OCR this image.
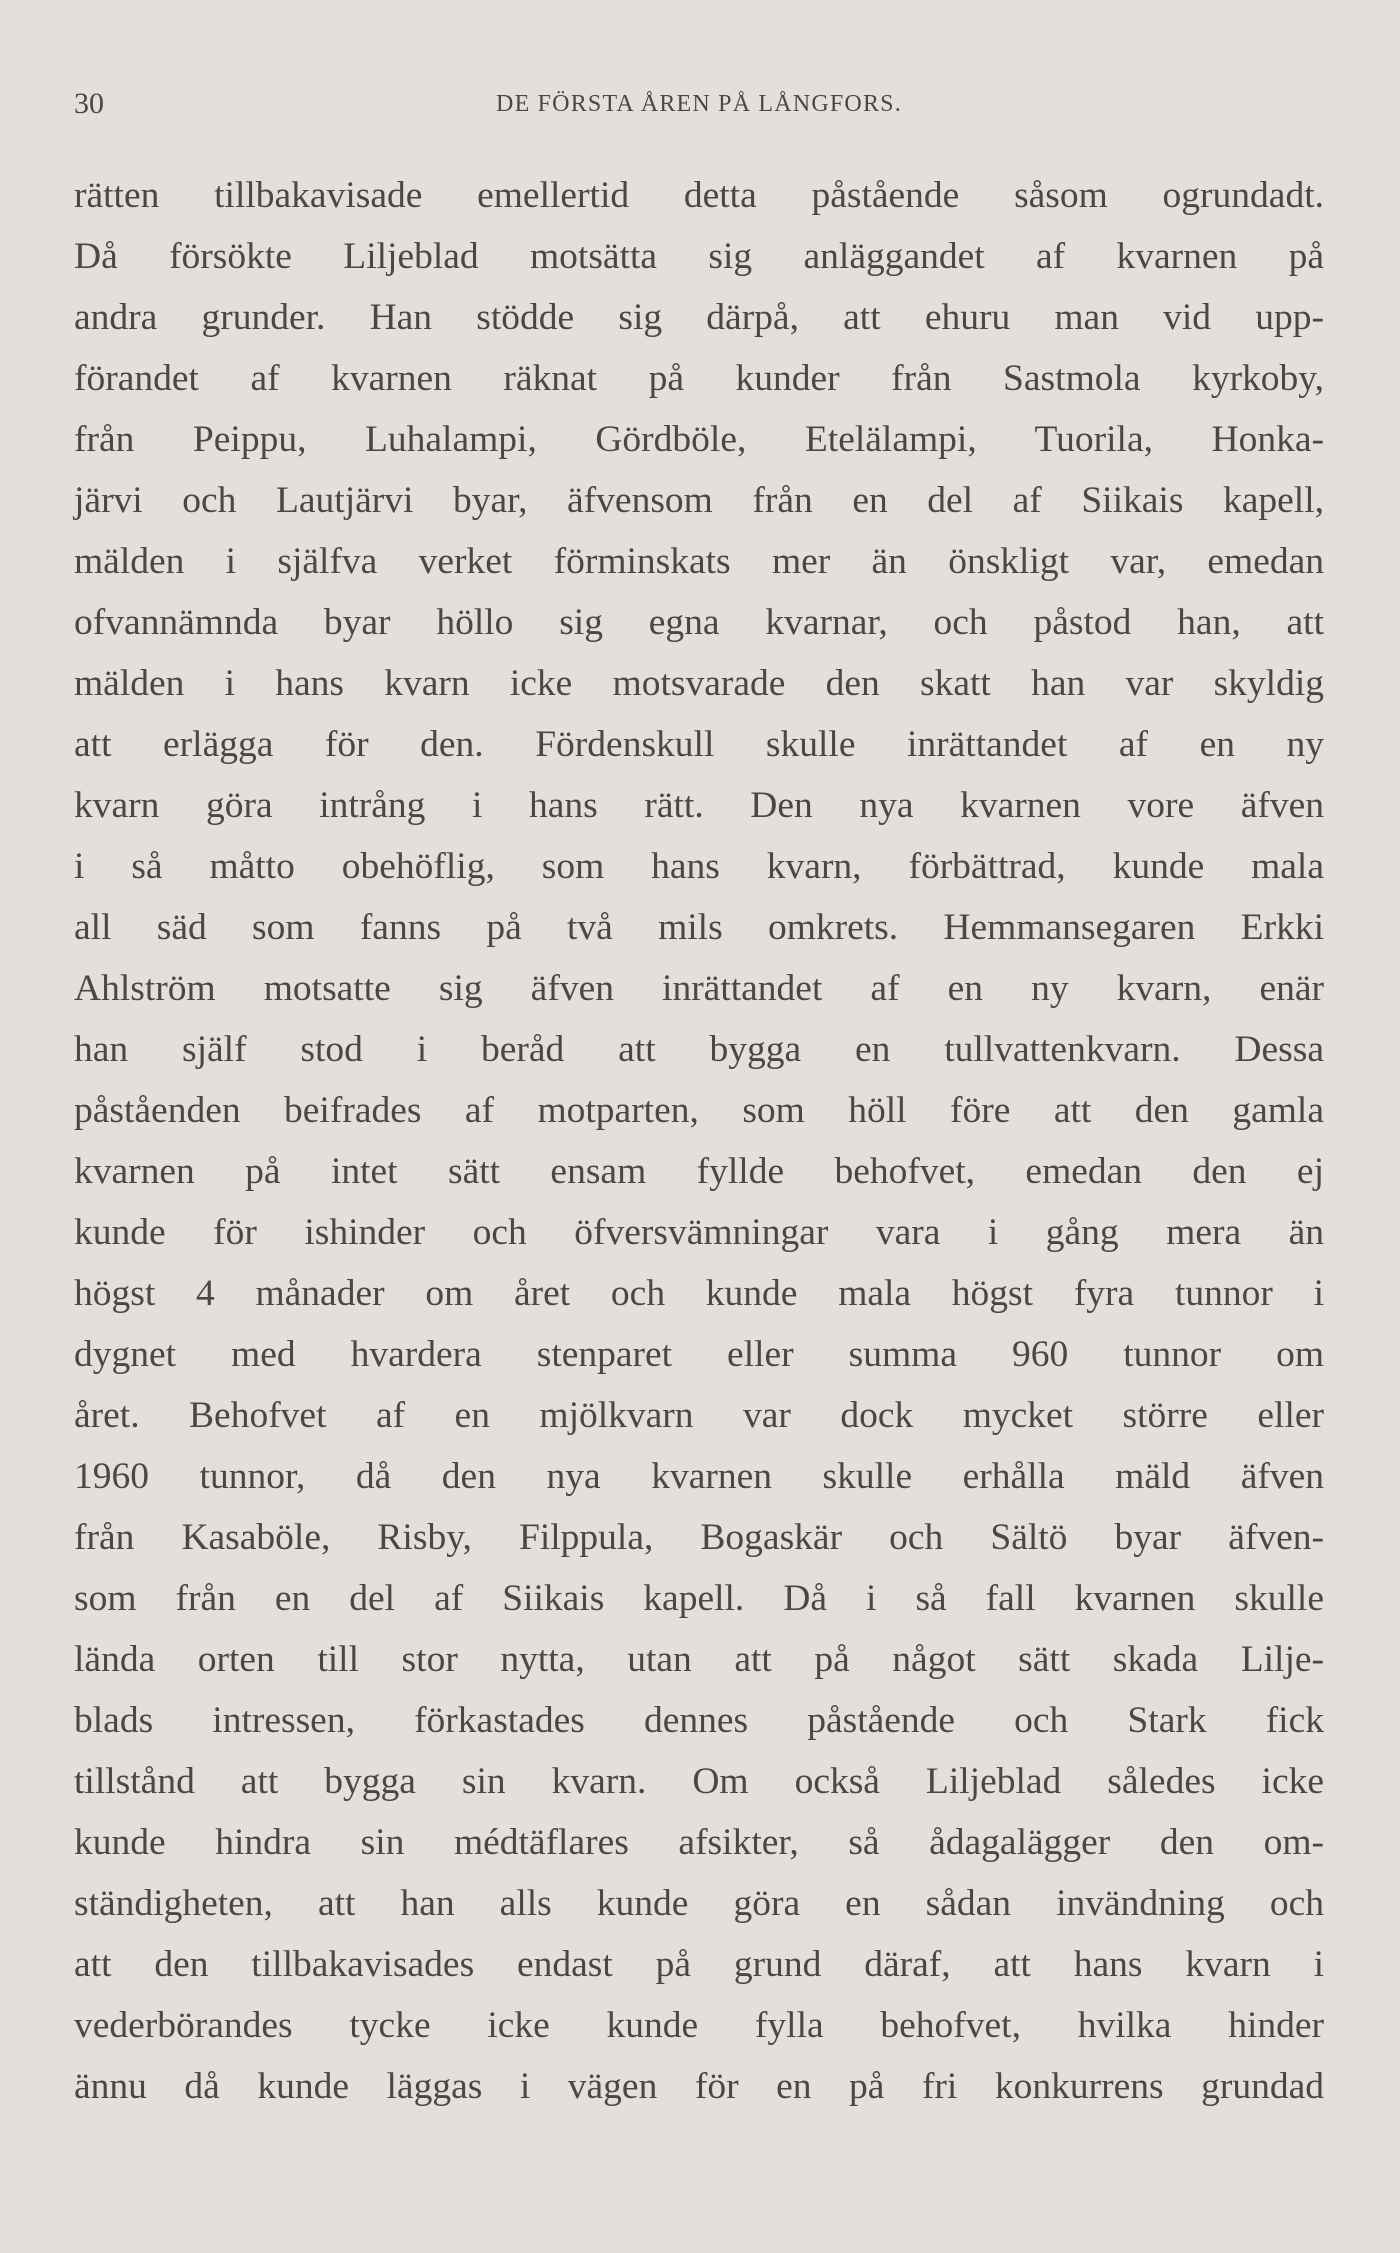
30	DE FÖRSTA ÅREN PÅ LÅNGFORS.
rätten tillbakavisade emellertid detta påstående såsom ogrundadt.
Då försökte Liljeblad motsätta sig anläggandet af kvarnen på
andra grunder. Han stödde sig därpå, att ehuru man vid upp-
förandet af kvarnen räknat på kunder från Sastmola kyrkoby,
från Peippu, Luhalampi, Gördböle, Etelälampi, Tuorila, Honka-
järvi och Lautjärvi byar, äfvensom från en del af Siikais kapell,
mälden i själfva verket förminskats mer än önskligt var, emedan
ofvannämnda byar höllo sig egna kvarnar, och påstod han, att
mälden i hans kvarn icke motsvarade den skatt han var skyldig
att erlägga för den. Fördenskull skulle inrättandet af en ny
kvarn göra intrång i hans rätt. Den nya kvarnen vore äfven
i så måtto obehöflig, som hans kvarn, förbättrad, kunde mala
all säd som fanns på två mils omkrets. Hemmansegaren Erkki
Ahlström motsatte sig äfven inrättandet af en ny kvarn, enär
han själf stod i beråd att bygga en tullvattenkvarn. Dessa
påståenden beifrades af motparten, som höll före att den gamla
kvarnen på intet sätt ensam fyllde behofvet, emedan den ej
kunde för ishinder och öfversvämningar vara i gång mera än
högst 4 månader om året och kunde mala högst fyra tunnor i
dygnet med hvardera stenparet eller summa 960 tunnor om
året. Behofvet af en mjölkvarn var dock mycket större eller
1960 tunnor, då den nya kvarnen skulle erhålla mäld äfven
från Kasaböle, Risby, Filppula, Bogaskär och Sältö byar äfven-
som från en del af Siikais kapell. Då i så fall kvarnen skulle
lända orten till stor nytta, utan att på något sätt skada Lilje-
blads intressen, förkastades dennes påstående och Stark fick
tillstånd att bygga sin kvarn. Om också Liljeblad således icke
kunde hindra sin médtäflares afsikter, så ådagalägger den om-
ständigheten, att han alls kunde göra en sådan invändning och
att den tillbakavisades endast på grund däraf, att hans kvarn i
vederbörandes tycke icke kunde fylla behofvet, hvilka hinder
ännu då kunde läggas i vägen för en på fri konkurrens grundad
